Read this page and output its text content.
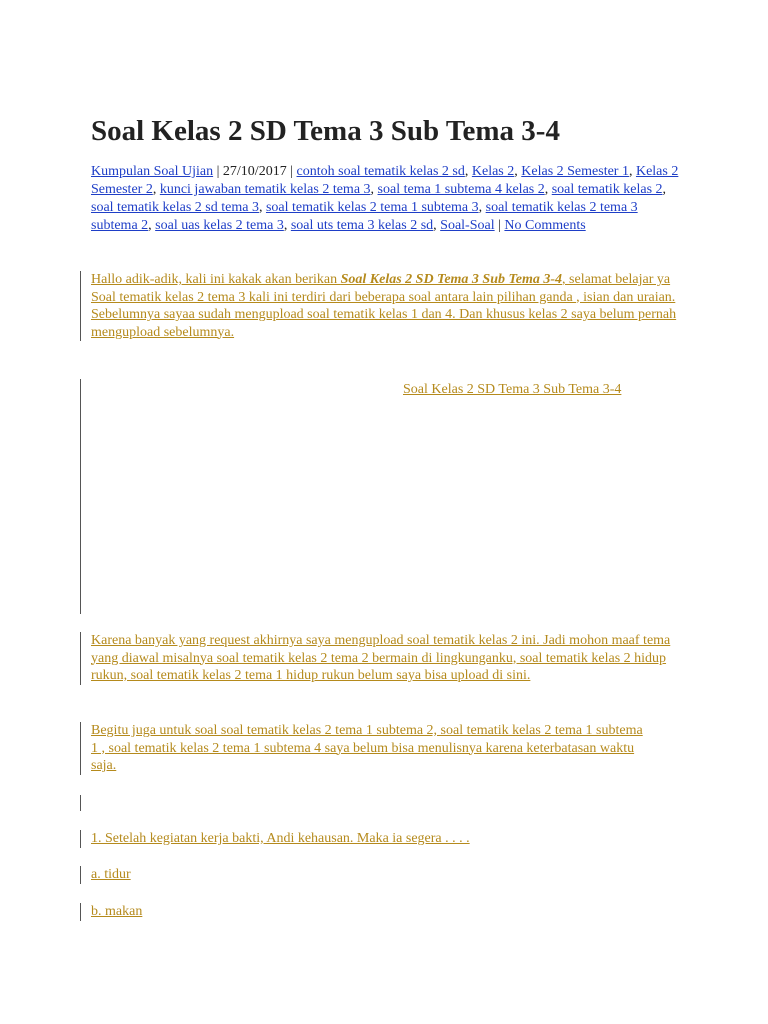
Soal Kelas 2 SD Tema 3 Sub Tema 3-4
Kumpulan Soal Ujian | 27/10/2017 | contoh soal tematik kelas 2 sd, Kelas 2, Kelas 2 Semester 1, Kelas 2 Semester 2, kunci jawaban tematik kelas 2 tema 3, soal tema 1 subtema 4 kelas 2, soal tematik kelas 2, soal tematik kelas 2 sd tema 3, soal tematik kelas 2 tema 1 subtema 3, soal tematik kelas 2 tema 3 subtema 2, soal uas kelas 2 tema 3, soal uts tema 3 kelas 2 sd, Soal-Soal | No Comments
Hallo adik-adik, kali ini kakak akan berikan Soal Kelas 2 SD Tema 3 Sub Tema 3-4, selamat belajar ya
Soal tematik kelas 2 tema 3 kali ini terdiri dari beberapa soal antara lain pilihan ganda , isian dan uraian. Sebelumnya sayaa sudah mengupload soal tematik kelas 1 dan 4. Dan khusus kelas 2 saya belum pernah mengupload sebelumnya.
Soal Kelas 2 SD Tema 3 Sub Tema 3-4
Karena banyak yang request akhirnya saya mengupload soal tematik kelas 2 ini. Jadi mohon maaf tema yang diawal misalnya soal tematik kelas 2 tema 2 bermain di lingkunganku, soal tematik kelas 2 hidup rukun, soal tematik kelas 2 tema 1 hidup rukun belum saya bisa upload di sini.
Begitu juga untuk soal soal tematik kelas 2 tema 1 subtema 2, soal tematik kelas 2 tema 1 subtema 1 , soal tematik kelas 2 tema 1 subtema 4 saya belum bisa menulisnya karena keterbatasan waktu saja.
1. Setelah kegiatan kerja bakti, Andi kehausan. Maka ia segera . . . .
a. tidur
b. makan
